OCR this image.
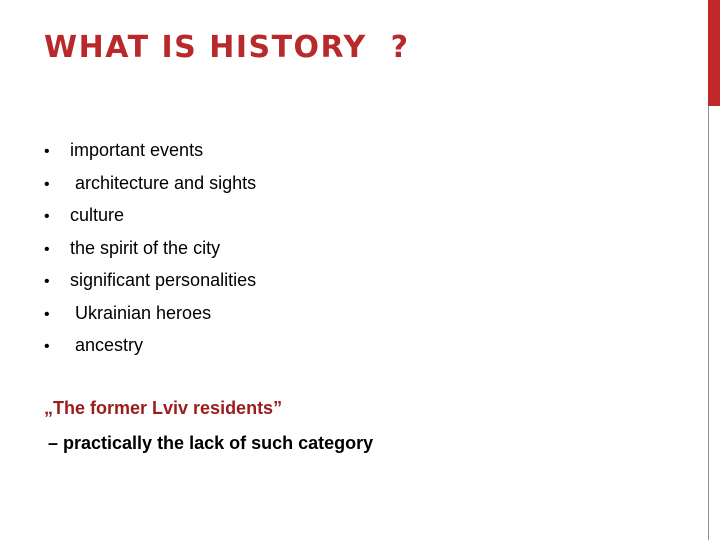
WHAT IS HISTORY  ?
•	important events
•	architecture and sights
•	culture
•	the spirit of the city
•	significant personalities
•	Ukrainian heroes
•	ancestry

„The former Lviv residents”

– practically the lack of such category
